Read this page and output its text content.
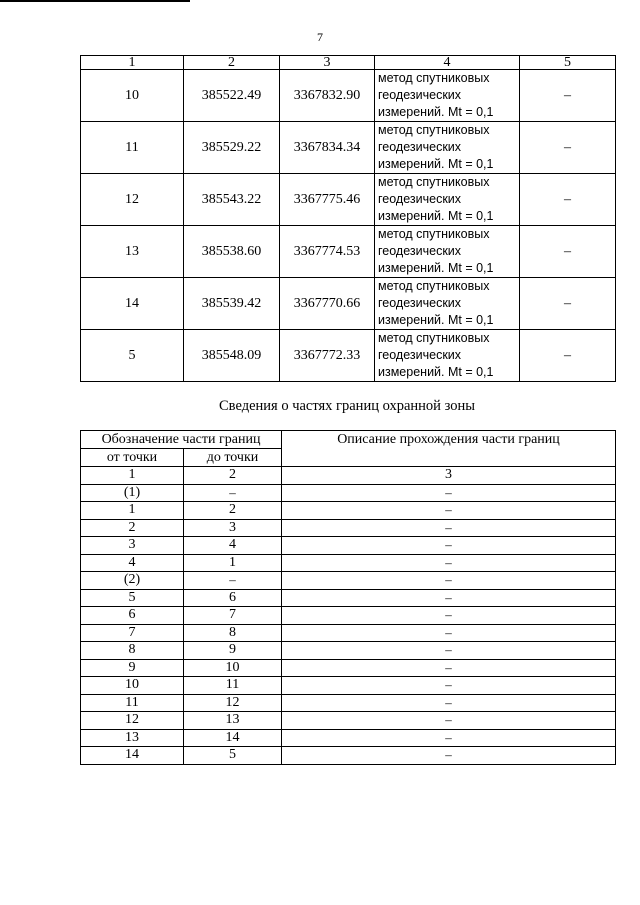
7
1	2	3	4	5
10	385522.49	3367832.90	метод спутниковых
геодезических
измерений. Mt = 0,1	–
11	385529.22	3367834.34	метод спутниковых
геодезических
измерений. Mt = 0,1	–
12	385543.22	3367775.46	метод спутниковых
геодезических
измерений. Mt = 0,1	–
13	385538.60	3367774.53	метод спутниковых
геодезических
измерений. Mt = 0,1	–
14	385539.42	3367770.66	метод спутниковых
геодезических
измерений. Mt = 0,1	–
5	385548.09	3367772.33	метод спутниковых
геодезических
измерений. Mt = 0,1	–
Сведения о частях границ охранной зоны
Обозначение части границ		Описание прохождения части границ
от точки	до точки	
1	2	3
(1)	–	–
1	2	–
2	3	–
3	4	–
4	1	–
(2)	–	–
5	6	–
6	7	–
7	8	–
8	9	–
9	10	–
10	11	–
11	12	–
12	13	–
13	14	–
14	5	–
